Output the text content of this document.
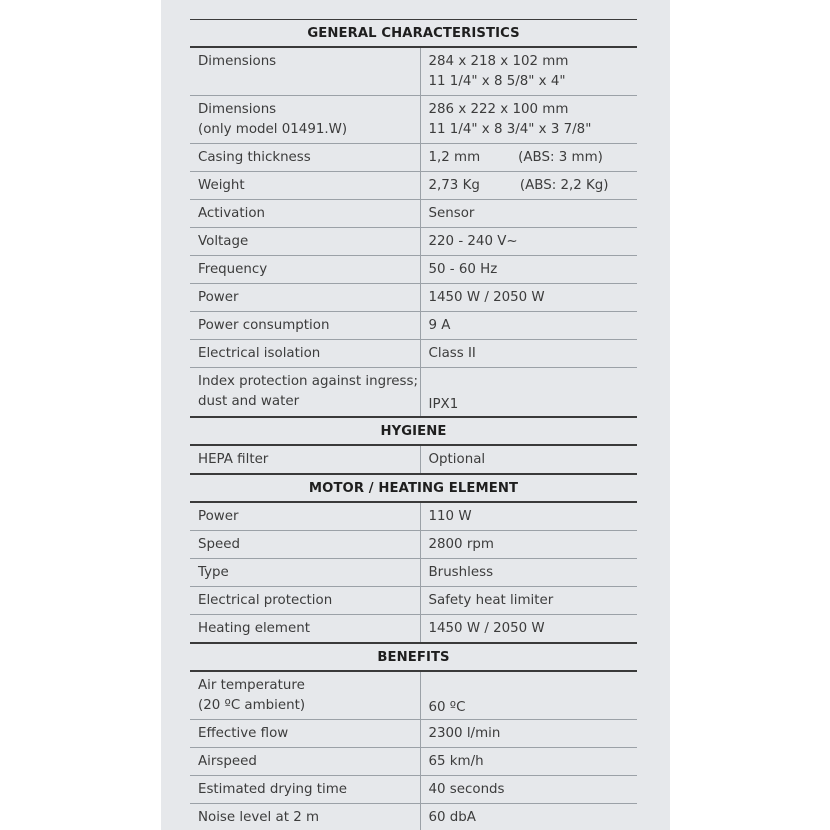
GENERAL CHARACTERISTICS	
Dimensions	284 x 218 x 102 mm
11 1/4" x 8 5/8" x 4"

Dimensions
(only model 01491.W)	286 x 222 x 100 mm
11 1/4" x 8 3/4" x 3 7/8"

Casing thickness	1,2 mm (ABS: 3 mm)
Weight	2,73 Kg (ABS: 2,2 Kg)
Activation	Sensor
Voltage	220 - 240 V~
Frequency	50 - 60 Hz
Power	1450 W / 2050 W
Power consumption	9 A
Electrical isolation	Class II

Index protection against ingress;
dust and water	IPX1
HYGIENE	
HEPA filter	Optional
MOTOR / HEATING ELEMENT	
Power	110 W
Speed	2800 rpm
Type	Brushless
Electrical protection	Safety heat limiter
Heating element	1450 W / 2050 W
BENEFITS	

Air temperature
(20 ºC ambient)	60 ºC
Effective flow	2300 l/min
Airspeed	65 km/h
Estimated drying time	40 seconds
Noise level at 2 m	60 dbA
